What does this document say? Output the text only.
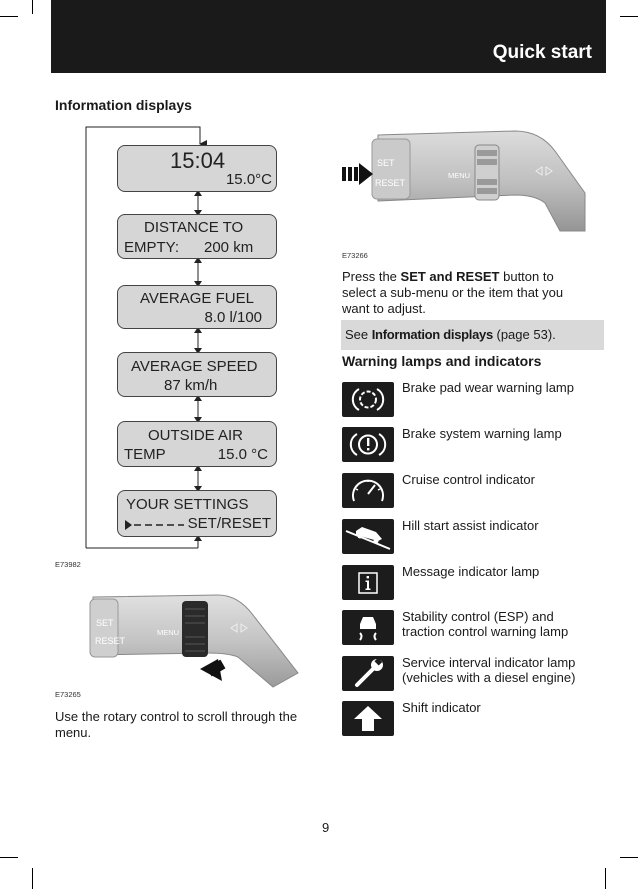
Quick start
Information displays
15:04
15.0°C
DISTANCE TO
EMPTY: 200 km
AVERAGE FUEL
8.0 l/100
AVERAGE SPEED
87 km/h
OUTSIDE AIR
TEMP	15.0 °C
YOUR SETTINGS
SET/RESET
E73982
SET
RESET
MENU
E73265
Use the rotary control to scroll through the menu.
SET
RESET
MENU
E73266
Press the SET and RESET button to
select a sub-menu or the item that you
want to adjust.
See Information displays (page 53).
Warning lamps and indicators
Brake pad wear warning lamp
Brake system warning lamp
Cruise control indicator
Hill start assist indicator
Message indicator lamp
Stability control (ESP) and
traction control warning lamp
Service interval indicator lamp
(vehicles with a diesel engine)
Shift indicator
9
